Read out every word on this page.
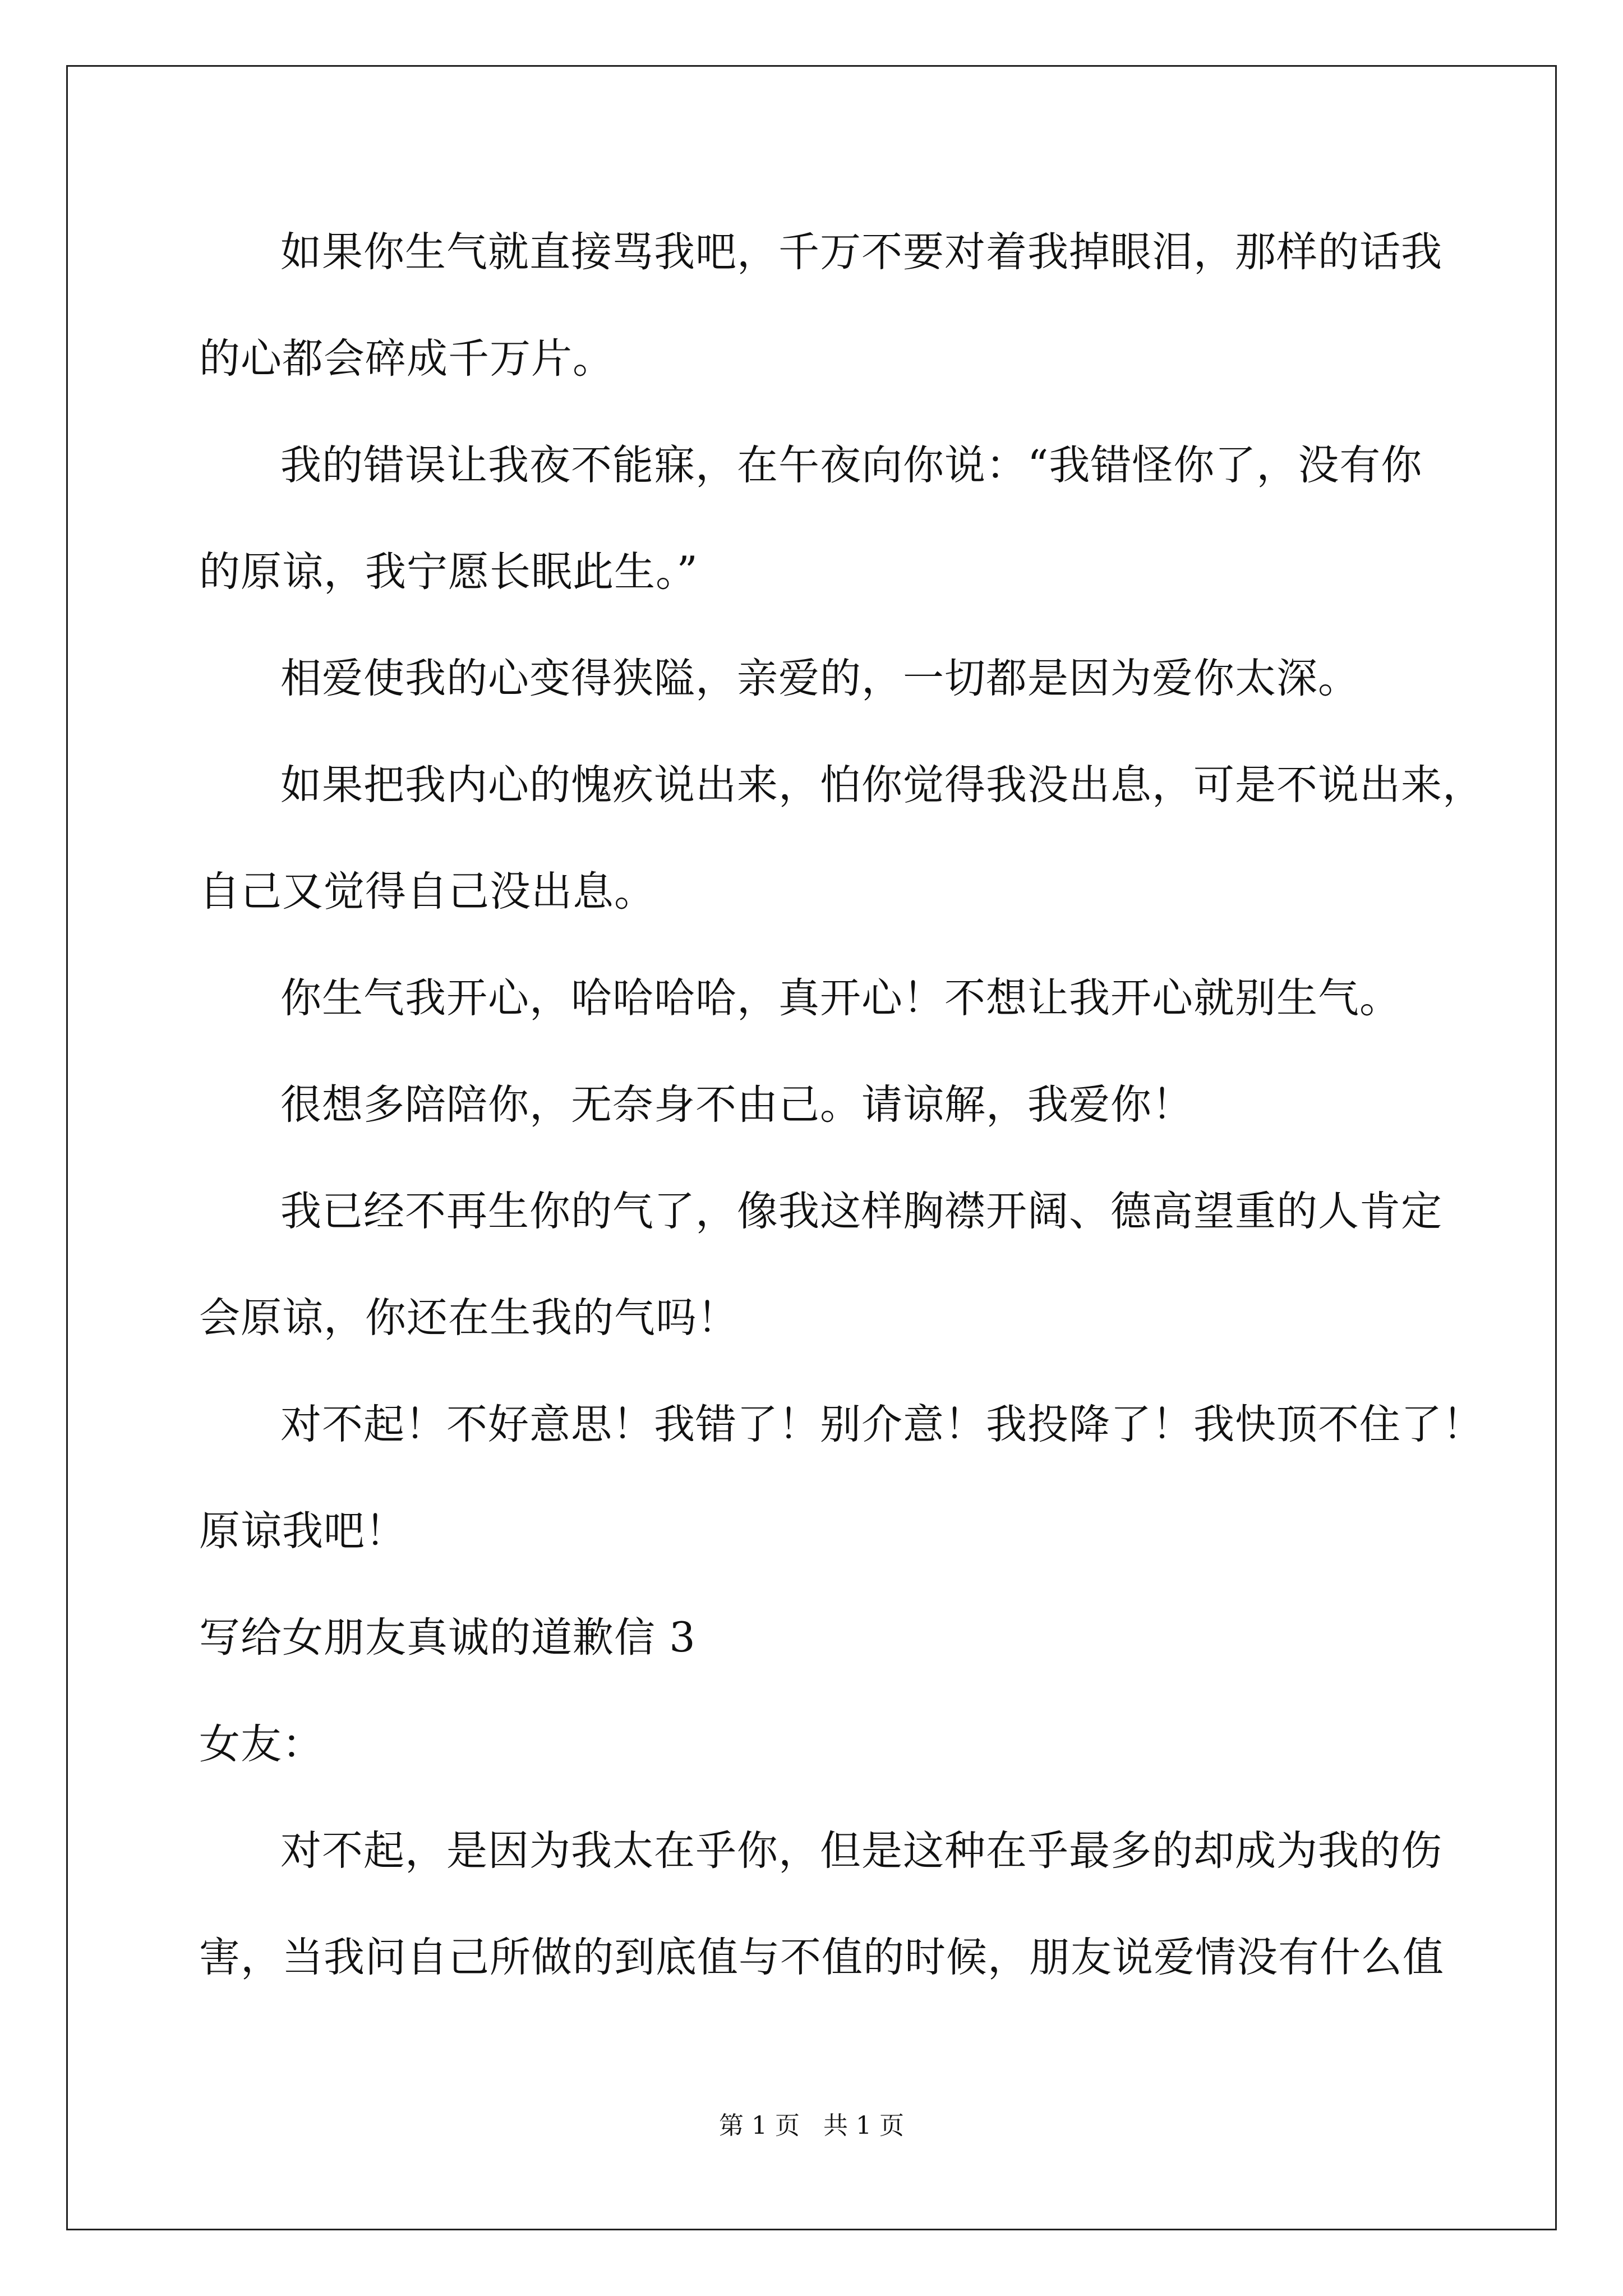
如果你生气就直接骂我吧，千万不要对着我掉眼泪，那样的话我
的心都会碎成千万片。
我的错误让我夜不能寐，在午夜向你说：“我错怪你了，没有你
的原谅，我宁愿长眠此生。”
相爱使我的心变得狭隘，亲爱的，一切都是因为爱你太深。
如果把我内心的愧疚说出来，怕你觉得我没出息，可是不说出来，
自己又觉得自己没出息。
你生气我开心，哈哈哈哈，真开心！不想让我开心就别生气。
很想多陪陪你，无奈身不由己。请谅解，我爱你！
我已经不再生你的气了，像我这样胸襟开阔、德高望重的人肯定
会原谅，你还在生我的气吗！
对不起！不好意思！我错了！别介意！我投降了！我快顶不住了！
原谅我吧！
写给女朋友真诚的道歉信 3
女友：
对不起，是因为我太在乎你，但是这种在乎最多的却成为我的伤
害，当我问自己所做的到底值与不值的时候，朋友说爱情没有什么值
第 1 页   共 1 页
